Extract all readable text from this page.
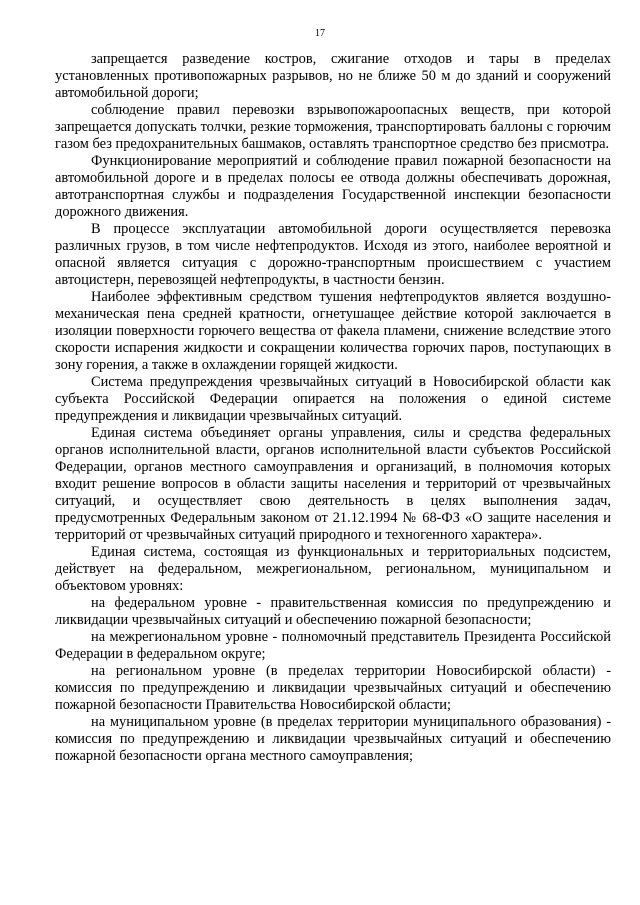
17

запрещается разведение костров, сжигание отходов и тары в пределах установленных противопожарных разрывов, но не ближе 50 м до зданий и сооружений автомобильной дороги;

соблюдение правил перевозки взрывопожароопасных веществ, при которой запрещается допускать толчки, резкие торможения, транспортировать баллоны с горючим газом без предохранительных башмаков, оставлять транспортное средство без присмотра.

Функционирование мероприятий и соблюдение правил пожарной безопасности на автомобильной дороге и в пределах полосы ее отвода должны обеспечивать дорожная, автотранспортная службы и подразделения Государственной инспекции безопасности дорожного движения.

В процессе эксплуатации автомобильной дороги осуществляется перевозка различных грузов, в том числе нефтепродуктов. Исходя из этого, наиболее вероятной и опасной является ситуация с дорожно-транспортным происшествием с участием автоцистерн, перевозящей нефтепродукты, в частности бензин.

Наиболее эффективным средством тушения нефтепродуктов является воздушно-механическая пена средней кратности, огнетушащее действие которой заключается в изоляции поверхности горючего вещества от факела пламени, снижение вследствие этого скорости испарения жидкости и сокращении количества горючих паров, поступающих в зону горения, а также в охлаждении горящей жидкости.

Система предупреждения чрезвычайных ситуаций в Новосибирской области как субъекта Российской Федерации опирается на положения о единой системе предупреждения и ликвидации чрезвычайных ситуаций.

Единая система объединяет органы управления, силы и средства федеральных органов исполнительной власти, органов исполнительной власти субъектов Российской Федерации, органов местного самоуправления и организаций, в полномочия которых входит решение вопросов в области защиты населения и территорий от чрезвычайных ситуаций, и осуществляет свою деятельность в целях выполнения задач, предусмотренных Федеральным законом от 21.12.1994 № 68-ФЗ «О защите населения и территорий от чрезвычайных ситуаций природного и техногенного характера».

Единая система, состоящая из функциональных и территориальных подсистем, действует на федеральном, межрегиональном, региональном, муниципальном и объектовом уровнях:

на федеральном уровне - правительственная комиссия по предупреждению и ликвидации чрезвычайных ситуаций и обеспечению пожарной безопасности;

на межрегиональном уровне - полномочный представитель Президента Российской Федерации в федеральном округе;

на региональном уровне (в пределах территории Новосибирской области) - комиссия по предупреждению и ликвидации чрезвычайных ситуаций и обеспечению пожарной безопасности Правительства Новосибирской области;

на муниципальном уровне (в пределах территории муниципального образования) - комиссия по предупреждению и ликвидации чрезвычайных ситуаций и обеспечению пожарной безопасности органа местного самоуправления;
